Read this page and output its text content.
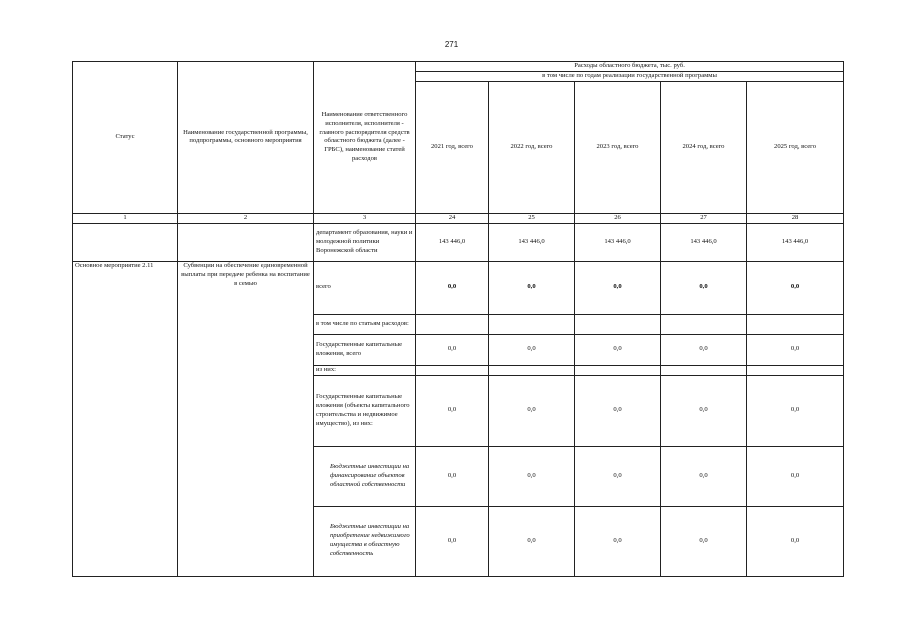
271
Статус	Наименование государственной программы, подпрограммы, основного мероприятия	Наименование ответственного исполнителя, исполнителя - главного распорядителя средств областного бюджета (далее - ГРБС), наименование статей расходов	Расходы областного бюджета, тыс. руб.				
			в том числе по годам реализации государственной программы				
			2021 год, всего	2022 год, всего	2023 год, всего	2024 год, всего	2025 год, всего
1	2	3	24	25	26	27	28
		департамент образования, науки и молодежной политики Воронежской области	143 446,0	143 446,0	143 446,0	143 446,0	143 446,0
Основное мероприятие 2.11	Субвенции на обеспечение единовременной выплаты при передаче ребенка на воспитание в семью	всего	0,0	0,0	0,0	0,0	0,0
		в том числе по статьям расходов:					
		Государственные капитальные вложения, всего	0,0	0,0	0,0	0,0	0,0
		из них:					
		Государственные капитальные вложения (объекты капитального строительства и недвижимое имущество), из них:	0,0	0,0	0,0	0,0	0,0
		Бюджетные инвестиции на финансирование объектов областной собственности	0,0	0,0	0,0	0,0	0,0
		Бюджетные инвестиции на приобретение недвижимого имущества в областную собственность	0,0	0,0	0,0	0,0	0,0
